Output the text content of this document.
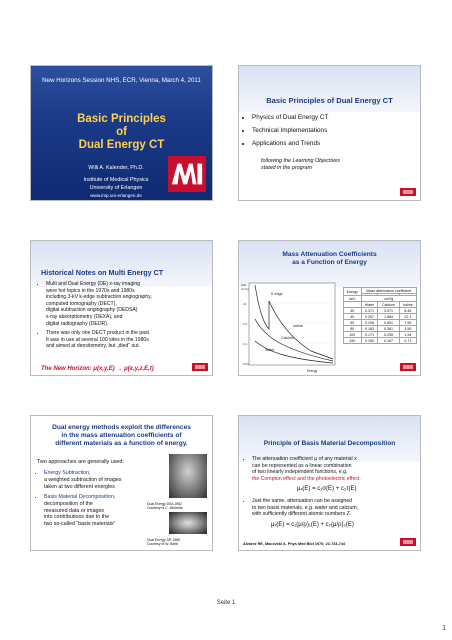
New Horizons Session NHS, ECR, Vienna, March 4, 2011
Basic Principles
of
Dual Energy CT
Willi A. Kalender, Ph.D.
Institute of Medical Physics
University of Erlangen
www.imp.uni-erlangen.de
Basic Principles of Dual Energy CT
• Physics of Dual Energy CT
• Technical Implementations
• Applications and Trends
following the Learning Objectives
stated in the program
Historical Notes on Multi Energy CT
• Multi and Dual Energy (DE) x-ray imaging
were hot topics in the 1970s and 1980s
including 3-kV k-edge subtraction angiography,
computed tomography (DECT),
digital subtraction angiography (DEDSA)
x-ray absorptiometry (DEXA), and
digital radiography (DEDR).
• There was only one DECT product in the past.
It was in use at several 100 sites in the 1980s
and aimed at densitometry, but „died“ out.
The New Horizon: μ(x,y,E) → μ(x,y,z,E,t)
Mass Attenuation Coefficients
as a Function of Energy
100
cm²/g
10
1.0
0.1
0.01
K-edge
Iodine
Calcium
Water
Energy
Energy	Mass attenuation coefficient		

keV	cm²/g		
	Water	Calcium	Iodine
30	0.371	3.971	8.45
40	0.267	1.884	22.1
60	0.206	0.651	7.55
80	0.183	0.361	3.59
100	0.171	0.255	1.94
150	0.150	0.167	0.71
Dual energy methods exploit the differences
in the mass attenuation coefficients of
different materials as a function of energy.
Two approaches are generally used:
• Energy Subtraction,
a weighted subtraction of images
taken at two different energies
• Basis Material Decomposition,
decomposition of the
measured data or images
into contributions due to the
two so-called “basis materials”
Dual Energy DSA 1982
Courtesy of C. Mistretta
Dual Energy DR 1986
Courtesy of W. Barth
Principle of Basis Material Decomposition
• The attenuation coefficient μ of any material x
can be represented as a linear combination
of two linearly independent functions, e.g.
the Compton effect and the photoelectric effect.
μₓ(E) = c₁σ(E) + c₂τ(E)
• Just the same, attenuation can be assigned
to two basis materials, e.g. water and calcium,
with sufficiently different atomic numbers Z.
μₓ(E) = c₁(μ/ρ)₁(E) + c₂(μ/ρ)₂(E)
Alvarez RE, Macovski A. Phys Med Biol 1976; 21:733-744
Seite 1
1
